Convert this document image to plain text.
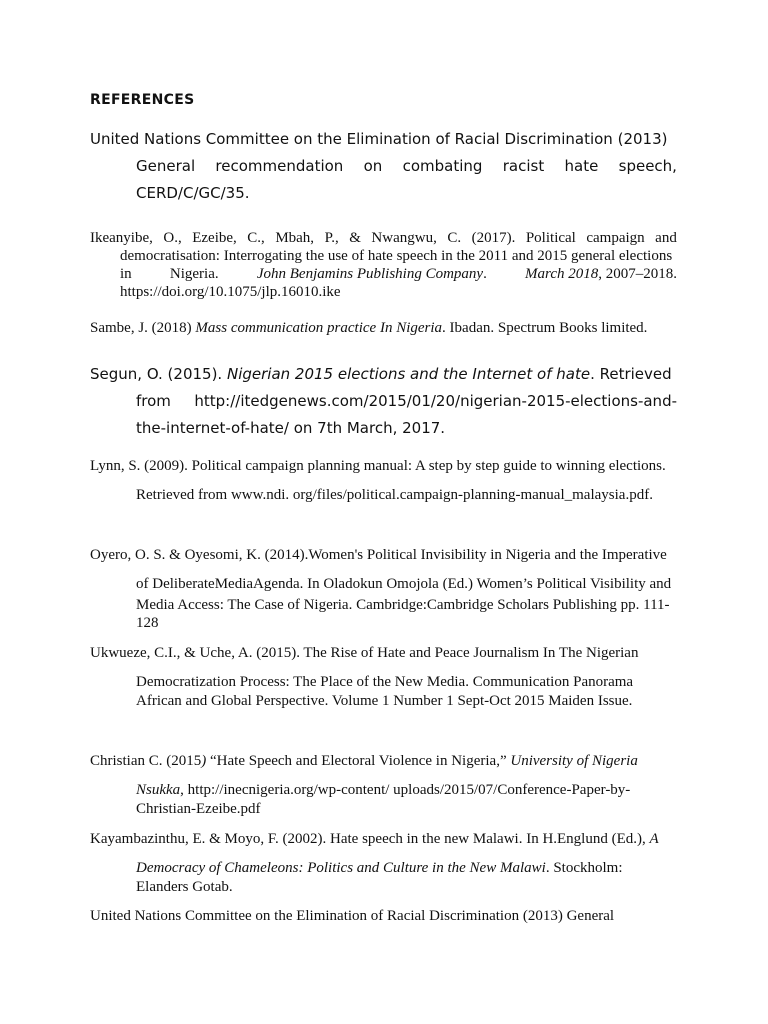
REFERENCES
United Nations Committee on the Elimination of Racial Discrimination (2013)
General recommendation on combating racist hate speech,
CERD/C/GC/35.
Ikeanyibe, O., Ezeibe, C., Mbah, P., & Nwangwu, C. (2017). Political campaign and
democratisation: Interrogating the use of hate speech in the 2011 and 2015 general elections
in	Nigeria.	John Benjamins Publishing Company.	March 2018, 2007–2018.
https://doi.org/10.1075/jlp.16010.ike
Sambe, J. (2018) Mass communication practice In Nigeria. Ibadan. Spectrum Books limited.
Segun, O. (2015). Nigerian 2015 elections and the Internet of hate. Retrieved
from http://itedgenews.com/2015/01/20/nigerian-2015-elections-and-
the-internet-of-hate/ on 7th March, 2017.
Lynn, S. (2009). Political campaign planning manual: A step by step guide to winning elections.
Retrieved from www.ndi. org/files/political.campaign-planning-manual_malaysia.pdf.
Oyero, O. S. & Oyesomi, K. (2014).Women's Political Invisibility in Nigeria and the Imperative
of DeliberateMediaAgenda. In Oladokun Omojola (Ed.) Women’s Political Visibility and
Media Access: The Case of Nigeria. Cambridge:Cambridge Scholars Publishing pp. 111-
128
Ukwueze, C.I., & Uche, A. (2015). The Rise of Hate and Peace Journalism In The Nigerian
Democratization Process: The Place of the New Media. Communication Panorama
African and Global Perspective. Volume 1 Number 1 Sept-Oct 2015 Maiden Issue.
Christian C. (2015) “Hate Speech and Electoral Violence in Nigeria,” University of Nigeria
Nsukka, http://inecnigeria.org/wp-content/ uploads/2015/07/Conference-Paper-by-
Christian-Ezeibe.pdf
Kayambazinthu, E. & Moyo, F. (2002). Hate speech in the new Malawi. In H.Englund (Ed.), A
Democracy of Chameleons: Politics and Culture in the New Malawi. Stockholm:
Elanders Gotab.
United Nations Committee on the Elimination of Racial Discrimination (2013) General
